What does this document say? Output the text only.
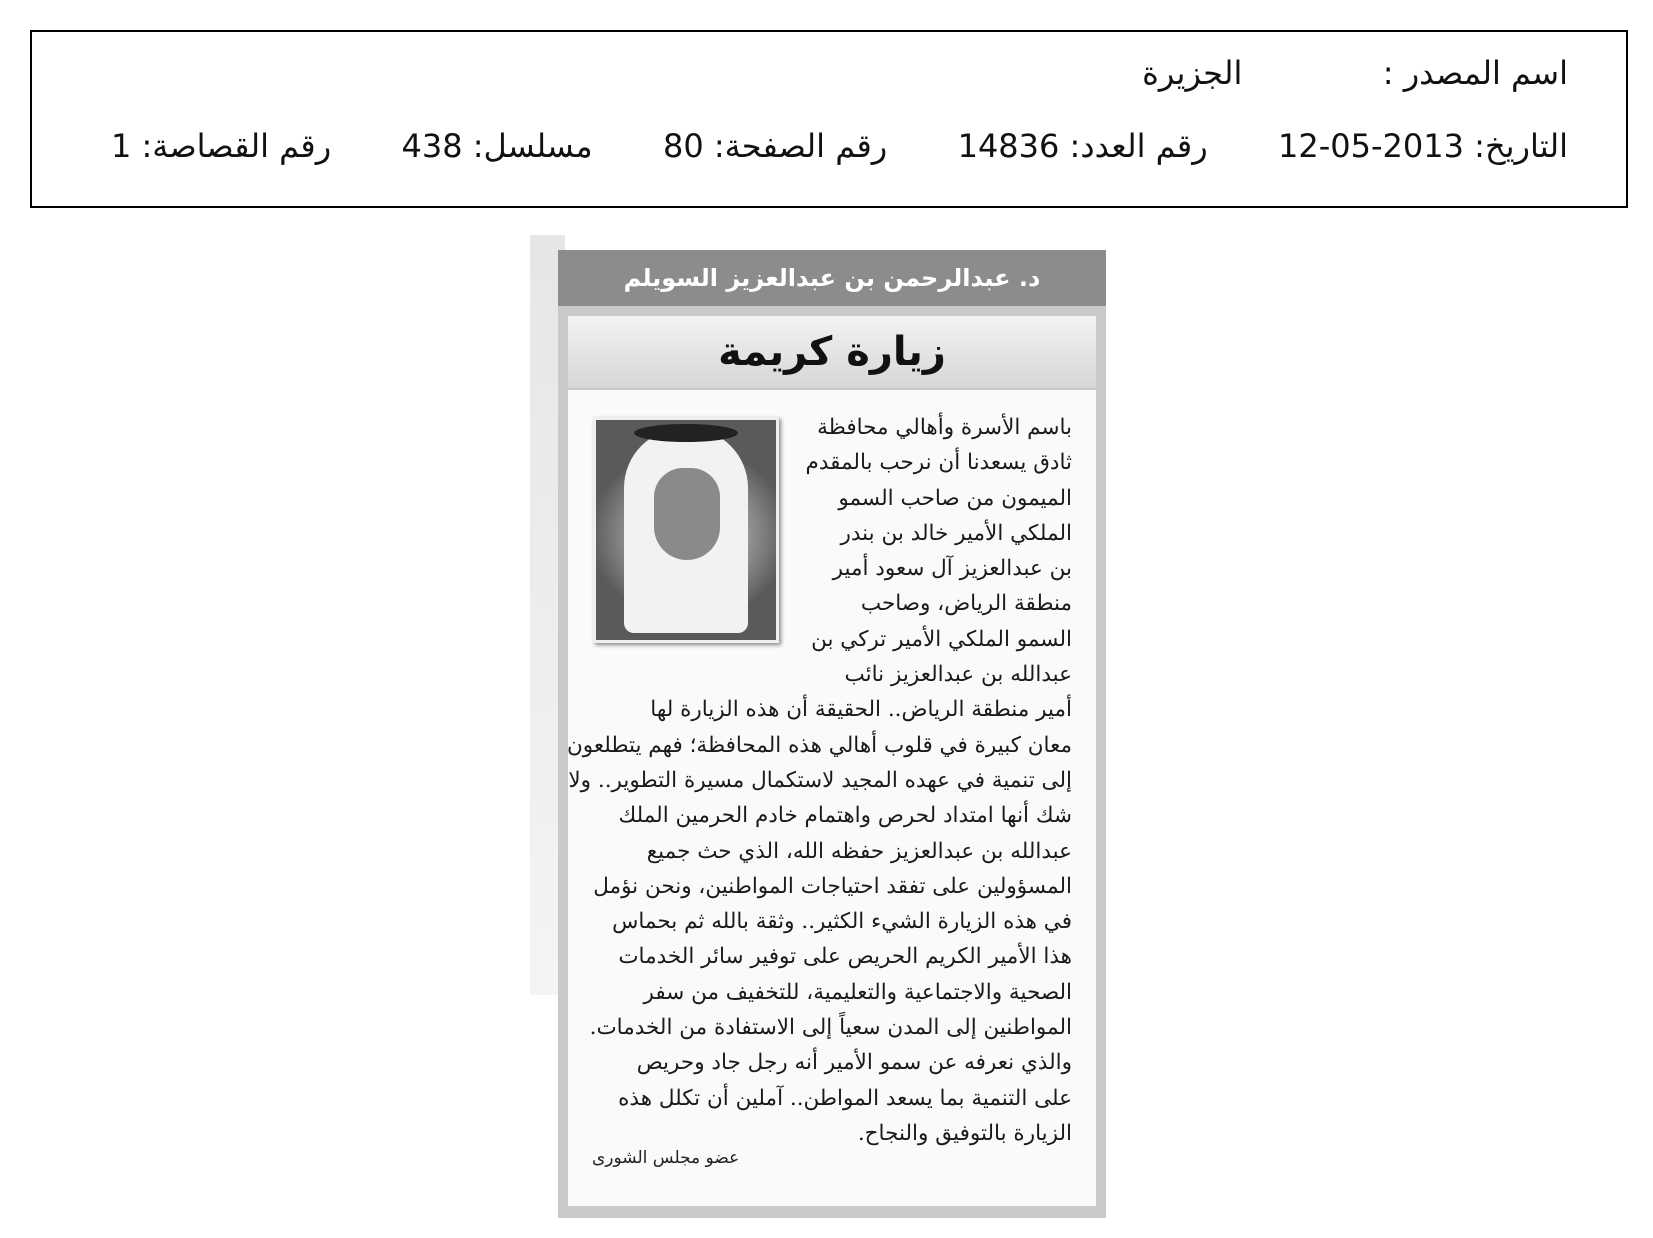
اسم المصدر :  الجزيرة
التاريخ: 2013-05-12  رقم العدد: 14836  رقم الصفحة: 80  مسلسل: 438  رقم القصاصة: 1
د. عبدالرحمن بن عبدالعزيز السويلم
زيارة كريمة
باسم الأسرة وأهالي محافظة
ثادق يسعدنا أن نرحب بالمقدم
الميمون من صاحب السمو
الملكي الأمير خالد بن بندر
بن عبدالعزيز آل سعود أمير
منطقة الرياض، وصاحب
السمو الملكي الأمير تركي بن
عبدالله بن عبدالعزيز نائب
أمير منطقة الرياض.. الحقيقة أن هذه الزيارة لها
معان كبيرة في قلوب أهالي هذه المحافظة؛ فهم يتطلعون
إلى تنمية في عهده المجيد لاستكمال مسيرة التطوير.. ولا
شك أنها امتداد لحرص واهتمام خادم الحرمين الملك
عبدالله بن عبدالعزيز حفظه الله، الذي حث جميع
المسؤولين على تفقد احتياجات المواطنين، ونحن نؤمل
في هذه الزيارة الشيء الكثير.. وثقة بالله ثم بحماس
هذا الأمير الكريم الحريص على توفير سائر الخدمات
الصحية والاجتماعية والتعليمية، للتخفيف من سفر
المواطنين إلى المدن سعياً إلى الاستفادة من الخدمات.
والذي نعرفه عن سمو الأمير أنه رجل جاد وحريص
على التنمية بما يسعد المواطن.. آملين أن تكلل هذه
الزيارة بالتوفيق والنجاح.
عضو مجلس الشورى
